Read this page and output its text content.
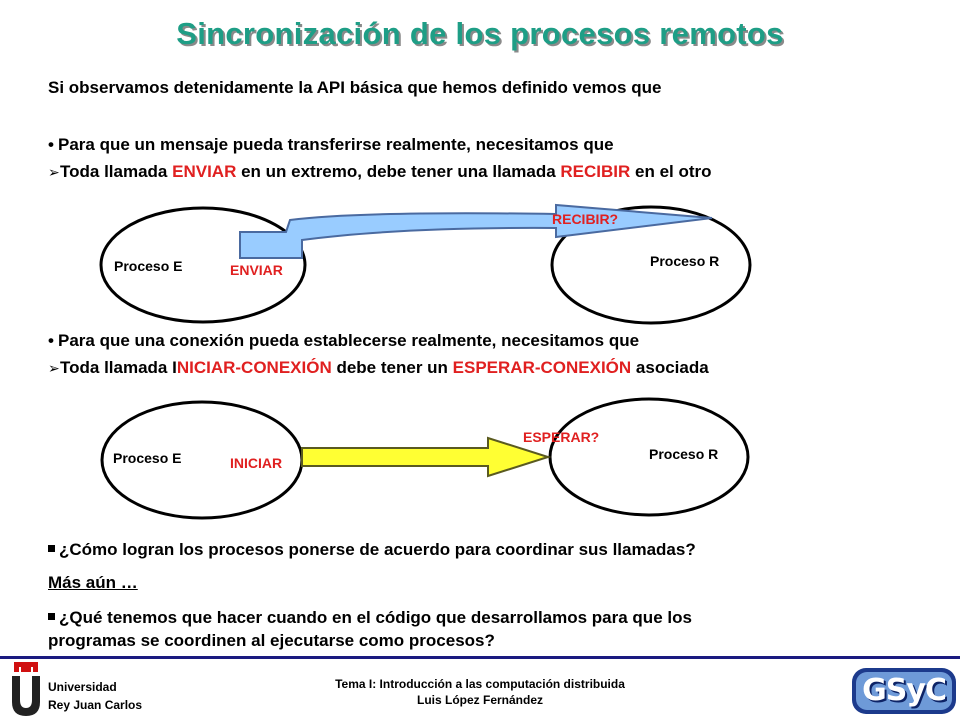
Sincronización de los procesos remotos
Si observamos detenidamente la API básica que hemos definido vemos que
• Para que un mensaje pueda transferirse realmente, necesitamos que
➢Toda llamada ENVIAR en un extremo, debe tener una llamada RECIBIR en el otro
Proceso E	Proceso R
ENVIAR
RECIBIR?
• Para que una conexión pueda establecerse realmente, necesitamos que
➢Toda llamada INICIAR-CONEXIÓN debe tener un ESPERAR-CONEXIÓN asociada
Proceso E	Proceso R
INICIAR
ESPERAR?
¿Cómo logran los procesos ponerse de acuerdo para coordinar sus llamadas?
Más aún …
¿Qué tenemos que hacer cuando en el código que desarrollamos para que los
programas se coordinen al ejecutarse como procesos?
Universidad
Rey Juan Carlos
Tema I: Introducción a las computación distribuida
Luis López Fernández	GSyC
